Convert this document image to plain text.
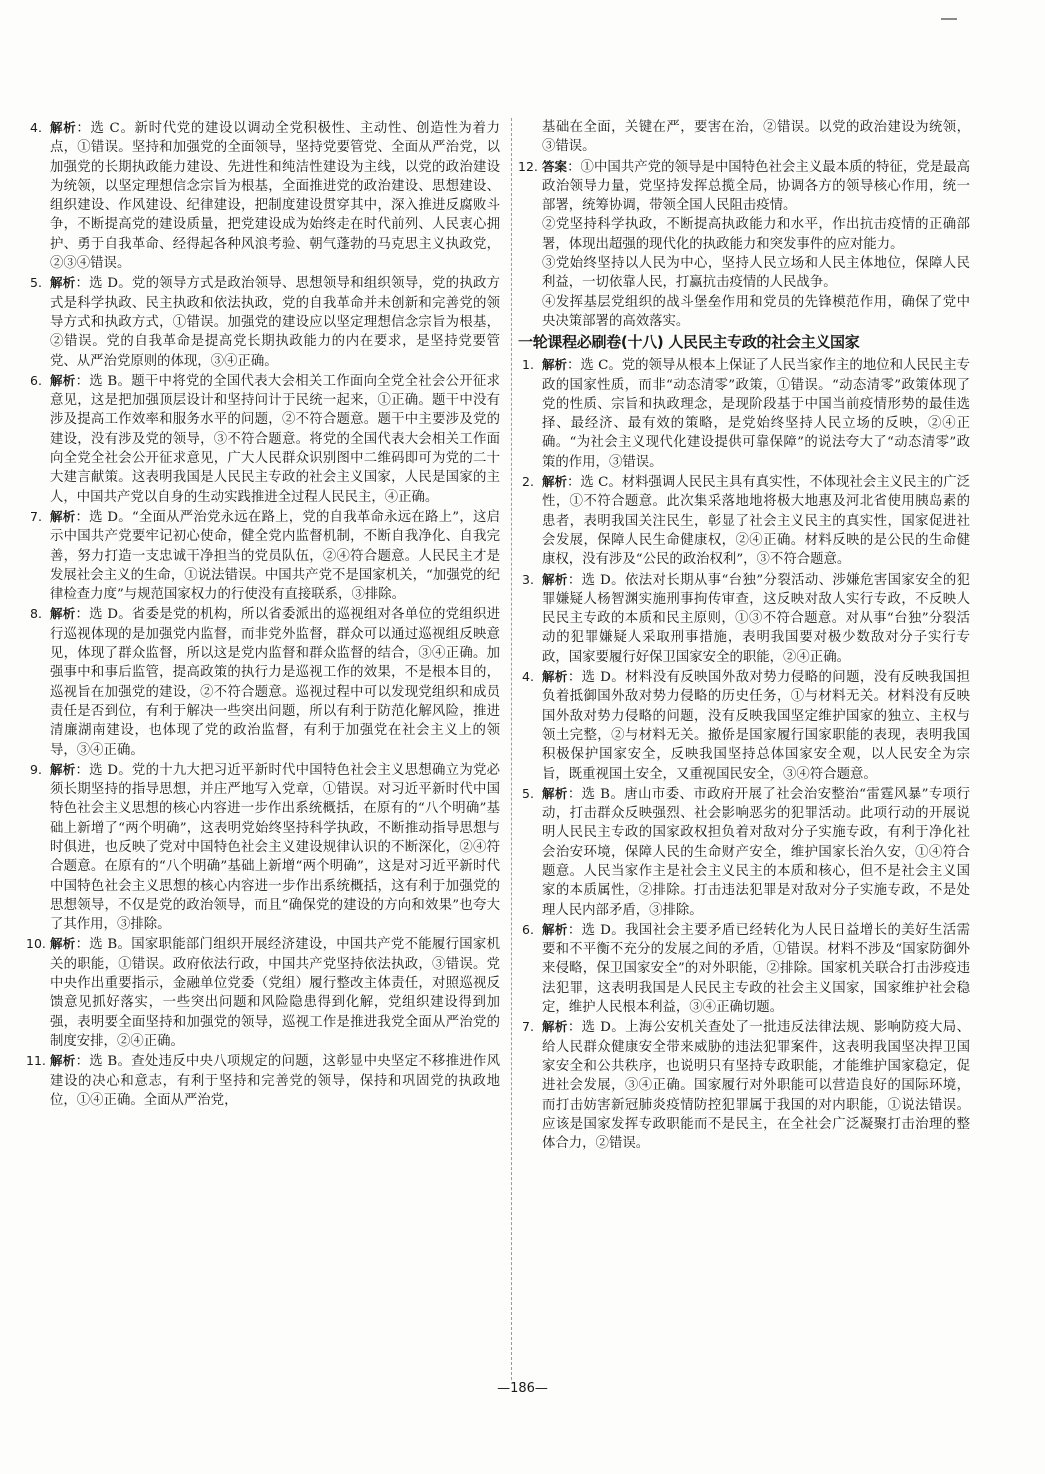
4. 解析：选 C。新时代党的建设以调动全党积极性、主动性、创造性为着力点，①错误。坚持和加强党的全面领导，坚持党要管党、全面从严治党，以加强党的长期执政能力建设、先进性和纯洁性建设为主线，以党的政治建设为统领，以坚定理想信念宗旨为根基，全面推进党的政治建设、思想建设、组织建设、作风建设、纪律建设，把制度建设贯穿其中，深入推进反腐败斗争，不断提高党的建设质量，把党建设成为始终走在时代前列、人民衷心拥护、勇于自我革命、经得起各种风浪考验、朝气蓬勃的马克思主义执政党，②③④错误。

5. 解析：选 D。党的领导方式是政治领导、思想领导和组织领导，党的执政方式是科学执政、民主执政和依法执政，党的自我革命并未创新和完善党的领导方式和执政方式，①错误。加强党的建设应以坚定理想信念宗旨为根基，②错误。党的自我革命是提高党长期执政能力的内在要求，是坚持党要管党、从严治党原则的体现，③④正确。

6. 解析：选 B。题干中将党的全国代表大会相关工作面向全党全社会公开征求意见，这是把加强顶层设计和坚持问计于民统一起来，①正确。题干中没有涉及提高工作效率和服务水平的问题，②不符合题意。题干中主要涉及党的建设，没有涉及党的领导，③不符合题意。将党的全国代表大会相关工作面向全党全社会公开征求意见，广大人民群众识别图中二维码即可为党的二十大建言献策。这表明我国是人民民主专政的社会主义国家，人民是国家的主人，中国共产党以自身的生动实践推进全过程人民民主，④正确。

7. 解析：选 D。“全面从严治党永远在路上，党的自我革命永远在路上”，这启示中国共产党要牢记初心使命，健全党内监督机制，不断自我净化、自我完善，努力打造一支忠诚干净担当的党员队伍，②④符合题意。人民民主才是发展社会主义的生命，①说法错误。中国共产党不是国家机关，“加强党的纪律检查力度”与规范国家权力的行使没有直接联系，③排除。

8. 解析：选 D。省委是党的机构，所以省委派出的巡视组对各单位的党组织进行巡视体现的是加强党内监督，而非党外监督，群众可以通过巡视组反映意见，体现了群众监督，所以这是党内监督和群众监督的结合，③④正确。加强事中和事后监管，提高政策的执行力是巡视工作的效果，不是根本目的，巡视旨在加强党的建设，②不符合题意。巡视过程中可以发现党组织和成员责任是否到位，有利于解决一些突出问题，所以有利于防范化解风险，推进清廉湖南建设，也体现了党的政治监督，有利于加强党在社会主义上的领导，③④正确。

9. 解析：选 D。党的十九大把习近平新时代中国特色社会主义思想确立为党必须长期坚持的指导思想，并庄严地写入党章，①错误。对习近平新时代中国特色社会主义思想的核心内容进一步作出系统概括，在原有的“八个明确”基础上新增了“两个明确”，这表明党始终坚持科学执政，不断推动指导思想与时俱进，也反映了党对中国特色社会主义建设规律认识的不断深化，②④符合题意。在原有的“八个明确”基础上新增“两个明确”，这是对习近平新时代中国特色社会主义思想的核心内容进一步作出系统概括，这有利于加强党的思想领导，不仅是党的政治领导，而且“确保党的建设的方向和效果”也夸大了其作用，③排除。

10. 解析：选 B。国家职能部门组织开展经济建设，中国共产党不能履行国家机关的职能，①错误。政府依法行政，中国共产党坚持依法执政，③错误。党中央作出重要指示，金融单位党委（党组）履行整改主体责任，对照巡视反馈意见抓好落实，一些突出问题和风险隐患得到化解，党组织建设得到加强，表明要全面坚持和加强党的领导，巡视工作是推进我党全面从严治党的制度安排，②④正确。

11. 解析：选 B。查处违反中央八项规定的问题，这彰显中央坚定不移推进作风建设的决心和意志，有利于坚持和完善党的领导，保持和巩固党的执政地位，①④正确。全面从严治党，

基础在全面，关键在严，要害在治，②错误。以党的政治建设为统领，③错误。

12. 答案：①中国共产党的领导是中国特色社会主义最本质的特征，党是最高政治领导力量，党坚持发挥总揽全局，协调各方的领导核心作用，统一部署，统筹协调，带领全国人民阻击疫情。

②党坚持科学执政，不断提高执政能力和水平，作出抗击疫情的正确部署，体现出超强的现代化的执政能力和突发事件的应对能力。

③党始终坚持以人民为中心，坚持人民立场和人民主体地位，保障人民利益，一切依靠人民，打赢抗击疫情的人民战争。

④发挥基层党组织的战斗堡垒作用和党员的先锋模范作用，确保了党中央决策部署的高效落实。

一轮课程必刷卷(十八) 人民民主专政的社会主义国家

1. 解析：选 C。党的领导从根本上保证了人民当家作主的地位和人民民主专政的国家性质，而非“动态清零”政策，①错误。“动态清零”政策体现了党的性质、宗旨和执政理念，是现阶段基于中国当前疫情形势的最佳选择、最经济、最有效的策略，是党始终坚持人民立场的反映，②④正确。“为社会主义现代化建设提供可靠保障”的说法夸大了“动态清零”政策的作用，③错误。

2. 解析：选 C。材料强调人民民主具有真实性，不体现社会主义民主的广泛性，①不符合题意。此次集采落地地将极大地惠及河北省使用胰岛素的患者，表明我国关注民生，彰显了社会主义民主的真实性，国家促进社会发展，保障人民生命健康权，②④正确。材料反映的是公民的生命健康权，没有涉及“公民的政治权利”，③不符合题意。

3. 解析：选 D。依法对长期从事“台独”分裂活动、涉嫌危害国家安全的犯罪嫌疑人杨智渊实施刑事拘传审查，这反映对敌人实行专政，不反映人民民主专政的本质和民主原则，①③不符合题意。对从事“台独”分裂活动的犯罪嫌疑人采取刑事措施，表明我国要对极少数敌对分子实行专政，国家要履行好保卫国家安全的职能，②④正确。

4. 解析：选 D。材料没有反映国外敌对势力侵略的问题，没有反映我国担负着抵御国外敌对势力侵略的历史任务，①与材料无关。材料没有反映国外敌对势力侵略的问题，没有反映我国坚定维护国家的独立、主权与领土完整，②与材料无关。撤侨是国家履行国家职能的表现，表明我国积极保护国家安全，反映我国坚持总体国家安全观，以人民安全为宗旨，既重视国土安全，又重视国民安全，③④符合题意。

5. 解析：选 B。唐山市委、市政府开展了社会治安整治“雷霆风暴”专项行动，打击群众反映强烈、社会影响恶劣的犯罪活动。此项行动的开展说明人民民主专政的国家政权担负着对敌对分子实施专政，有利于净化社会治安环境，保障人民的生命财产安全，维护国家长治久安，①④符合题意。人民当家作主是社会主义民主的本质和核心，但不是社会主义国家的本质属性，②排除。打击违法犯罪是对敌对分子实施专政，不是处理人民内部矛盾，③排除。

6. 解析：选 D。我国社会主要矛盾已经转化为人民日益增长的美好生活需要和不平衡不充分的发展之间的矛盾，①错误。材料不涉及“国家防御外来侵略，保卫国家安全”的对外职能，②排除。国家机关联合打击涉疫违法犯罪，这表明我国是人民民主专政的社会主义国家，国家维护社会稳定，维护人民根本利益，③④正确切题。

7. 解析：选 D。上海公安机关查处了一批违反法律法规、影响防疫大局、给人民群众健康安全带来威胁的违法犯罪案件，这表明我国坚决捍卫国家安全和公共秩序，也说明只有坚持专政职能，才能维护国家稳定，促进社会发展，③④正确。国家履行对外职能可以营造良好的国际环境，而打击妨害新冠肺炎疫情防控犯罪属于我国的对内职能，①说法错误。应该是国家发挥专政职能而不是民主，在全社会广泛凝聚打击治理的整体合力，②错误。

—186—
